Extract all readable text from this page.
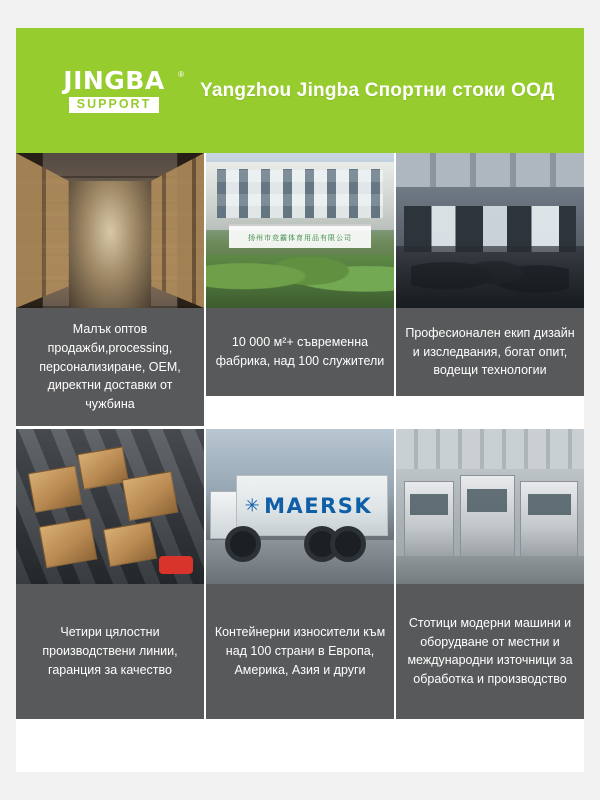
JINGBA
SUPPORT
®
Yangzhou Jingba Спортни стоки ООД
Малък оптов продажби,processing, персонализиране, OEM, директни доставки от чужбина
扬州市竞霸体育用品有限公司
10 000 м²+ съвременна фабрика, над 100 служители
Професионален екип дизайн и изследвания, богат опит, водещи технологии
Четири цялостни производствени линии, гаранция за качество
✳ MAERSK
Контейнерни износители към над 100 страни в Европа, Америка, Азия и други
Стотици модерни машини и оборудване от местни и международни източници за обработка и производство
